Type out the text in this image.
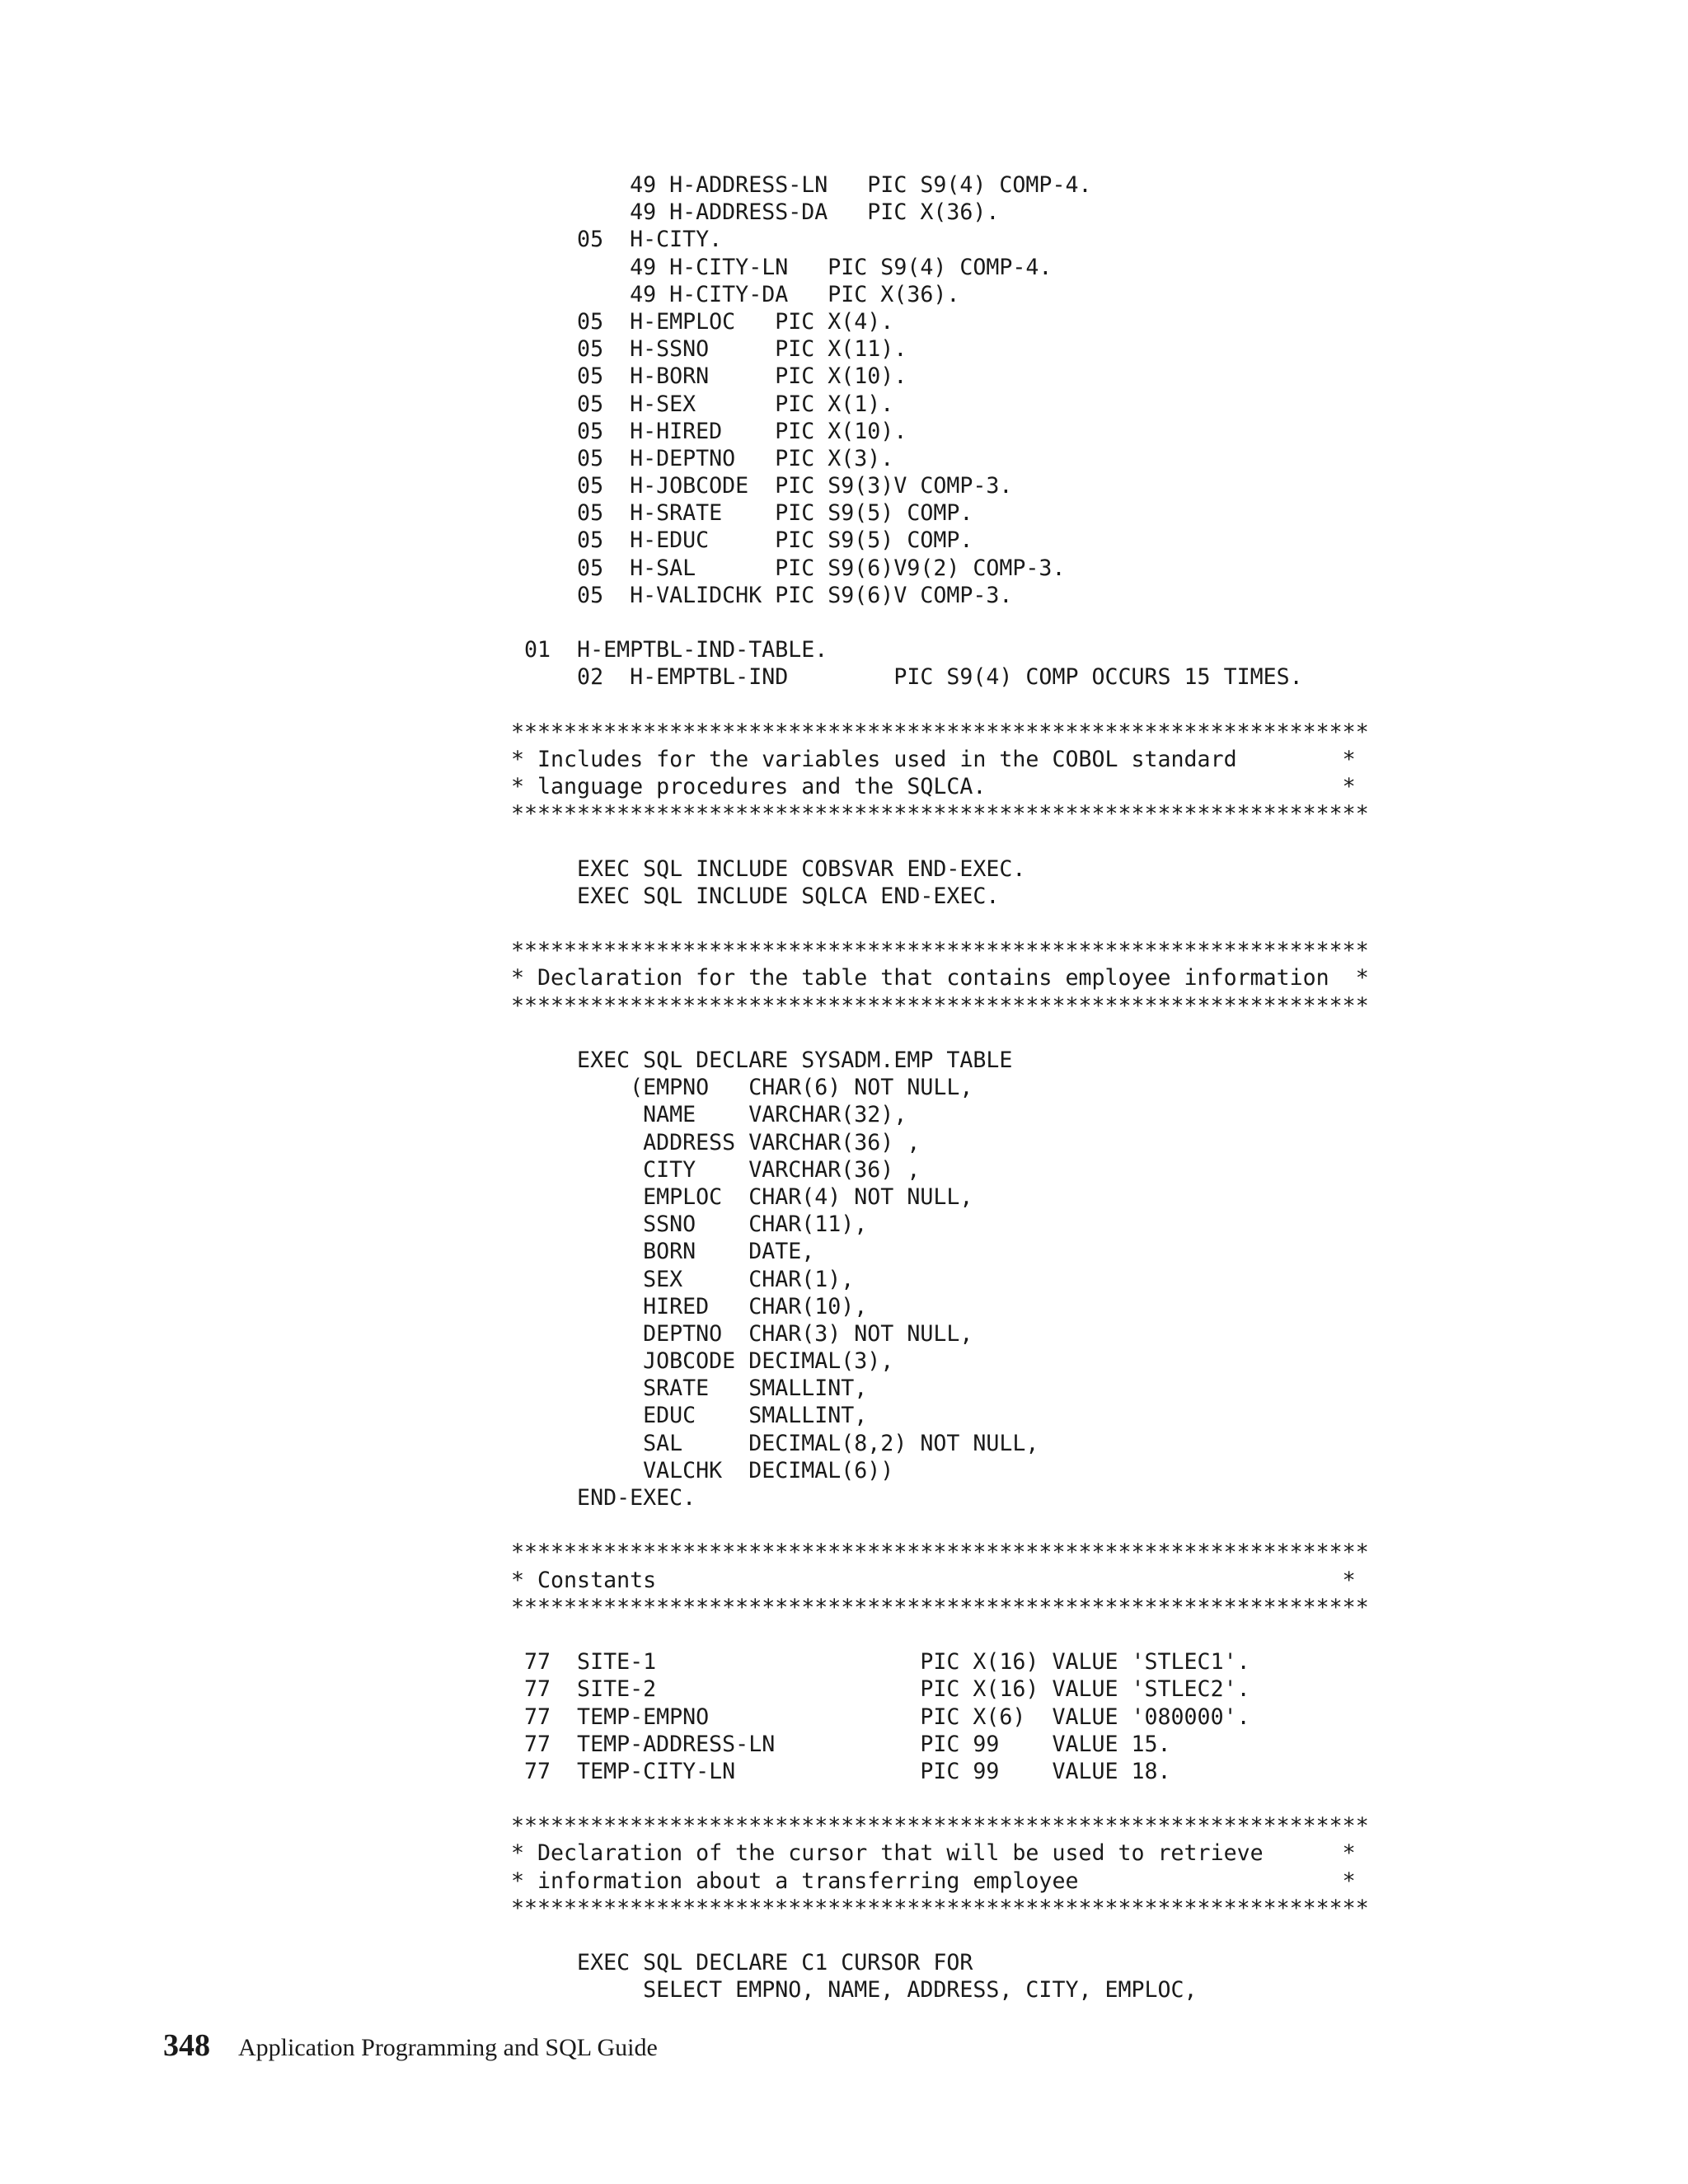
49 H-ADDRESS-LN   PIC S9(4) COMP-4.
49 H-ADDRESS-DA   PIC X(36).
05  H-CITY.
49 H-CITY-LN   PIC S9(4) COMP-4.
49 H-CITY-DA   PIC X(36).
05  H-EMPLOC   PIC X(4).
05  H-SSNO     PIC X(11).
05  H-BORN     PIC X(10).
05  H-SEX      PIC X(1).
05  H-HIRED    PIC X(10).
05  H-DEPTNO   PIC X(3).
05  H-JOBCODE  PIC S9(3)V COMP-3.
05  H-SRATE    PIC S9(5) COMP.
05  H-EDUC     PIC S9(5) COMP.
05  H-SAL      PIC S9(6)V9(2) COMP-3.
05  H-VALIDCHK PIC S9(6)V COMP-3.
01  H-EMPTBL-IND-TABLE.
02  H-EMPTBL-IND        PIC S9(4) COMP OCCURS 15 TIMES.
*****************************************************************
* Includes for the variables used in the COBOL standard        *
* language procedures and the SQLCA.                           *
*****************************************************************
EXEC SQL INCLUDE COBSVAR END-EXEC.
EXEC SQL INCLUDE SQLCA END-EXEC.
*****************************************************************
* Declaration for the table that contains employee information  *
*****************************************************************
EXEC SQL DECLARE SYSADM.EMP TABLE
(EMPNO   CHAR(6) NOT NULL,
NAME    VARCHAR(32),
ADDRESS VARCHAR(36) ,
CITY    VARCHAR(36) ,
EMPLOC  CHAR(4) NOT NULL,
SSNO    CHAR(11),
BORN    DATE,
SEX     CHAR(1),
HIRED   CHAR(10),
DEPTNO  CHAR(3) NOT NULL,
JOBCODE DECIMAL(3),
SRATE   SMALLINT,
EDUC    SMALLINT,
SAL     DECIMAL(8,2) NOT NULL,
VALCHK  DECIMAL(6))
END-EXEC.
*****************************************************************
* Constants                                                    *
*****************************************************************
77  SITE-1                    PIC X(16) VALUE 'STLEC1'.
77  SITE-2                    PIC X(16) VALUE 'STLEC2'.
77  TEMP-EMPNO                PIC X(6)  VALUE '080000'.
77  TEMP-ADDRESS-LN           PIC 99    VALUE 15.
77  TEMP-CITY-LN              PIC 99    VALUE 18.
*****************************************************************
* Declaration of the cursor that will be used to retrieve      *
* information about a transferring employee                    *
*****************************************************************
EXEC SQL DECLARE C1 CURSOR FOR
SELECT EMPNO, NAME, ADDRESS, CITY, EMPLOC,
348 Application Programming and SQL Guide
